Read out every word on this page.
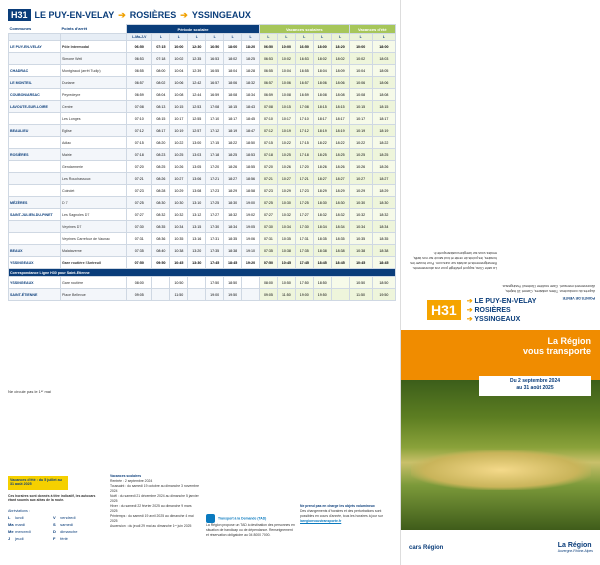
H31 LE PUY-EN-VELAY ➔ ROSIÈRES ➔ YSSINGEAUX
Communes	Points d'arrêt	Période scolaire							Vacances scolaires					Vacances d'été	
		L-Ma-J-V	L	L	L	L	L	L	L	L	L	L	L	L	L
LE PUY-EN-VELAY	Pôle Intermodal	06:50	07:15	10:00	12:30	16:50	18:00	18:20	06:50	10:00	16:50	18:00	18:20	10:00	18:00
	Simone Weil	06:53	07:18	10:02	12:35	16:53	18:02	18:25	06:53	10:02	16:53	18:02	18:02	10:02	18:03
CHADRAC	Montgiraud (arrêt Tudip)	06:55	08:00	10:04	12:39	16:55	18:04	18:28	06:55	10:04	16:55	18:04	18:09	10:04	18:05
LE MONTEIL	Duriane	06:57	08:02	10:06	12:42	16:57	18:06	18:32	06:57	10:06	16:57	18:06	18:06	10:06	18:06
COUBON/ARSAC	Peyredeyre	06:59	08:04	10:08	12:44	16:59	18:08	18:34	06:59	10:08	16:59	18:08	18:08	10:08	18:08
LAVOUTE-SUR-LOIRE	Centre	07:08	08:13	10:15	12:53	17:08	18:15	18:43	07:08	10:15	17:08	18:15	18:15	10:15	18:15
	Les Longes	07:10	08:15	10:17	12:55	17:10	18:17	18:45	07:10	10:17	17:10	18:17	18:17	10:17	18:17
BEAULIEU	Eglise	07:12	08:17	10:19	12:57	17:12	18:19	18:47	07:12	10:19	17:12	18:19	18:19	10:19	18:19
	Adiac	07:15	08:20	10:22	13:00	17:15	18:22	18:50	07:15	10:22	17:15	18:22	18:22	10:22	18:22
ROSIÈRES	Mairie	07:18	08:23	10:25	13:03	17:18	18:25	18:53	07:18	10:25	17:18	18:25	18:25	10:25	18:25
	Gendarmerie	07:20	08:25	10:26	13:05	17:20	18:26	18:55	07:20	10:26	17:20	18:26	18:26	10:26	18:26
	Les Rouchassoux	07:21	08:26	10:27	13:06	17:21	18:27	18:56	07:21	10:27	17:21	18:27	18:27	10:27	18:27
	Coindet	07:23	08:28	10:29	13:08	17:23	18:29	18:58	07:23	10:29	17:23	18:29	18:29	10:29	18:29
MÉZÈRES	D 7	07:25	08:30	10:30	13:10	17:25	18:30	19:00	07:25	10:30	17:25	18:30	18:30	10:30	18:30
SAINT-JULIEN-DU-PINET	Les Sagnoles D7	07:27	08:32	10:32	13:12	17:27	18:32	19:02	07:27	10:32	17:27	18:32	18:32	10:32	18:32
	Veyrines D7	07:30	08:35	10:34	13:15	17:30	18:34	19:05	07:30	10:34	17:30	18:34	18:34	10:34	18:34
	Veyrines Carrefour de Vaunac	07:31	08:36	10:35	13:16	17:31	18:35	19:06	07:31	10:35	17:31	18:35	18:35	10:35	18:35
BEAUX	Malataverne	07:35	08:40	10:38	13:20	17:35	18:38	19:10	07:35	10:38	17:35	18:38	18:38	10:38	18:38
YSSINGEAUX	Gare routière l'Antreuil	07:50	09:50	10:45	13:30	17:45	18:45	19:20	07:50	10:45	17:45	18:45	18:45	10:45	18:45
Correspondance Ligne H30 pour Saint-Etienne															
YSSINGEAUX	Gare routière	08:00		10:50		17:50	18:50		08:00	10:50	17:50	18:50		10:50	18:50
SAINT-ÉTIENNE	Place Bellevue	09:05		11:50		19:00	19:50		09:05	11:50	19:00	19:50		11:50	19:50
Ne circule pas le 1ᵉʳ mai
Vacances d'été : du 5 juillet au 31 août 2025
Ces horaires sont donnés à titre indicatif, les autocars étant soumis aux aléas de la route.
Abréviations :
L lundi	V vendredi
Ma mardi	S samedi
Me mercredi	D dimanche
J jeudi	F férié
Vacances scolaires
Rentrée : 2 septembre 2024
Toussaint : du samedi 19 octobre au dimanche 3 novembre 2024
Noël : du samedi 21 décembre 2024 au dimanche 5 janvier 2025
Hiver : du samedi 22 février 2025 au dimanche 9 mars 2025
Printemps : du samedi 19 avril 2025 au dimanche 4 mai 2025
Ascension : du jeudi 29 mai au dimanche 1ᵉʳ juin 2025
Transport à la Demande (TAD)
La Région propose un TAD à destination des personnes en situation de handicap ou de dépendance. Renseignement et réservation obligatoire au 04 8000 7000.
Ne prend pas en charge les objets volumineux
Des changements d'horaires et des perturbations sont possibles en cours d'année, tous les horaires à jour sur
laregionvoustransporte.fr
La carte Oùra, support privilégié pour vos abonnements. Renseignements et achats sur oura.com. Pour trouver les horaires, les points de vente et tout savoir sur nos tarifs, rendez-vous sur laregionvoustransporte.fr.
POINTS DE VENTE
Auprès du conducteur. Titres unitaires, Carnet 10 trajets, Abonnement mensuel. Gare routière l'Antreuil Yssingeaux.
H31
➔ LE PUY-EN-VELAY
➔ ROSIÈRES
➔ YSSINGEAUX
La Région
vous transporte
Du 2 septembre 2024
au 31 août 2025
cars Région	La Région
Auvergne-Rhône-Alpes
